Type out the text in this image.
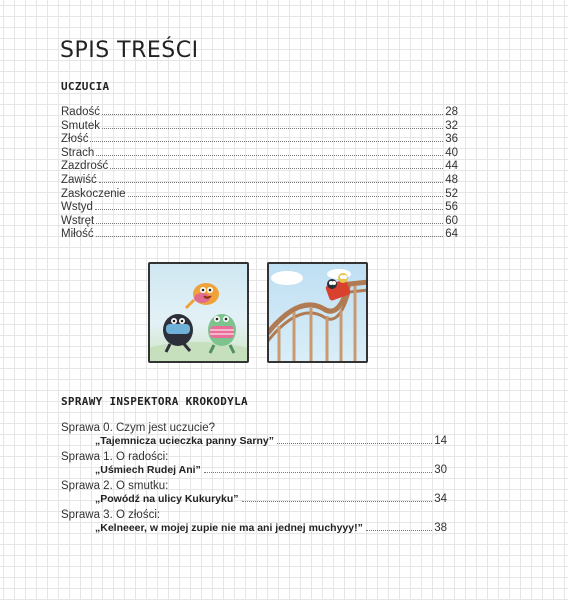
SPIS TREŚCI
UCZUCIA
Radość	28
Smutek	32
Złość	36
Strach	40
Zazdrość	44
Zawiść	48
Zaskoczenie	52
Wstyd	56
Wstręt	60
Miłość	64
SPRAWY INSPEKTORA KROKODYLA
Sprawa 0. Czym jest uczucie?
„Tajemnicza ucieczka panny Sarny”	14
Sprawa 1. O radości:
„Uśmiech Rudej Ani”	30
Sprawa 2. O smutku:
„Powódź na ulicy Kukuryku”	34
Sprawa 3. O złości:
„Kelneeer, w mojej zupie nie ma ani jednej muchyyy!”	38
